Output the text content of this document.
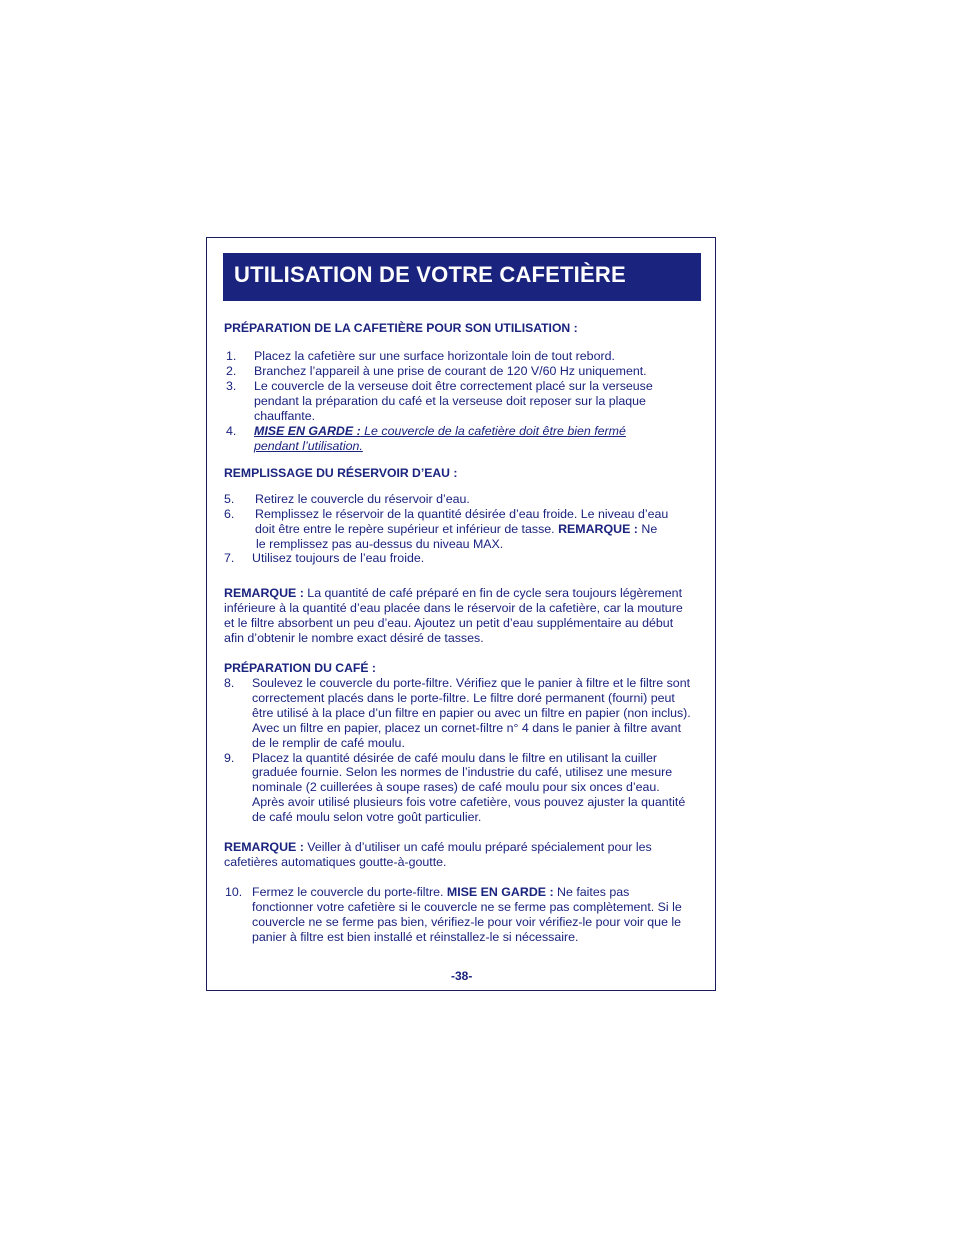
UTILISATION DE VOTRE CAFETIÈRE
PRÉPARATION DE LA CAFETIÈRE POUR SON UTILISATION :
1. Placez la cafetière sur une surface horizontale loin de tout rebord.
2. Branchez l’appareil à une prise de courant de 120 V/60 Hz uniquement.
3. Le couvercle de la verseuse doit être correctement placé sur la verseuse
pendant la préparation du café et la verseuse doit reposer sur la plaque
chauffante.
4. MISE EN GARDE : Le couvercle de la cafetière doit être bien fermé
pendant l’utilisation.
REMPLISSAGE DU RÉSERVOIR D’EAU :
5. Retirez le couvercle du réservoir d’eau.
6. Remplissez le réservoir de la quantité désirée d’eau froide. Le niveau d’eau
doit être entre le repère supérieur et inférieur de tasse. REMARQUE : Ne
le remplissez pas au-dessus du niveau MAX.
7. Utilisez toujours de l’eau froide.
REMARQUE : La quantité de café préparé en fin de cycle sera toujours légèrement
inférieure à la quantité d’eau placée dans le réservoir de la cafetière, car la mouture
et le filtre absorbent un peu d’eau. Ajoutez un petit d’eau supplémentaire au début
afin d’obtenir le nombre exact désiré de tasses.
PRÉPARATION DU CAFÉ :
8. Soulevez le couvercle du porte-filtre. Vérifiez que le panier à filtre et le filtre sont
correctement placés dans le porte-filtre. Le filtre doré permanent (fourni) peut
être utilisé à la place d’un filtre en papier ou avec un filtre en papier (non inclus).
Avec un filtre en papier, placez un cornet-filtre n° 4 dans le panier à filtre avant
de le remplir de café moulu.
9. Placez la quantité désirée de café moulu dans le filtre en utilisant la cuiller
graduée fournie. Selon les normes de l’industrie du café, utilisez une mesure
nominale (2 cuillerées à soupe rases) de café moulu pour six onces d’eau.
Après avoir utilisé plusieurs fois votre cafetière, vous pouvez ajuster la quantité
de café moulu selon votre goût particulier.
REMARQUE : Veiller à d’utiliser un café moulu préparé spécialement pour les
cafetières automatiques goutte-à-goutte.
10. Fermez le couvercle du porte-filtre. MISE EN GARDE : Ne faites pas
fonctionner votre cafetière si le couvercle ne se ferme pas complètement. Si le
couvercle ne se ferme pas bien, vérifiez-le pour voir vérifiez-le pour voir que le
panier à filtre est bien installé et réinstallez-le si nécessaire.
-38-
